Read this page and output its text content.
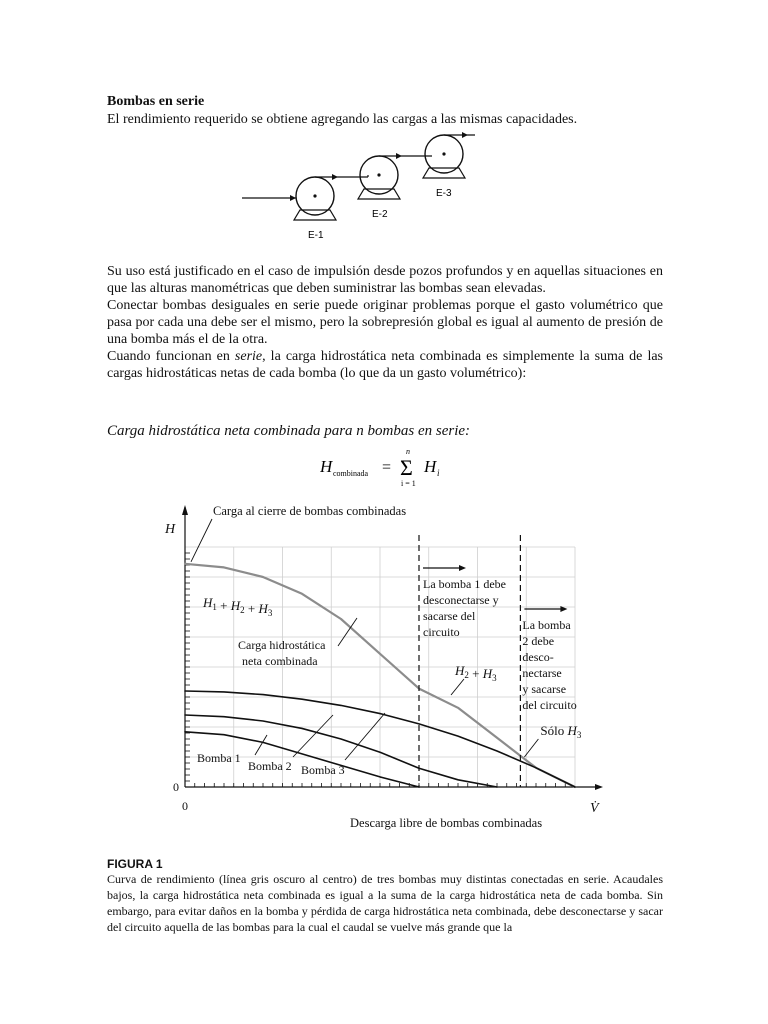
Bombas en serie
El rendimiento requerido se obtiene agregando las cargas a las mismas capacidades.
E-1
E-2
E-3
Su uso está justificado en el caso de impulsión desde pozos profundos y en aquellas situaciones en que las alturas manométricas que deben suministrar las bombas sean elevadas.
Conectar bombas desiguales en serie puede originar problemas porque el gasto volumétrico que pasa por cada una debe ser el mismo, pero la sobrepresión global es igual al aumento de presión de una bomba más el de la otra.
Cuando funcionan en serie, la carga hidrostática neta combinada es simplemente la suma de las cargas hidrostáticas netas de cada bomba (lo que da un gasto volumétrico):
Carga hidrostática neta combinada para n bombas en serie:
H combinada =
n
Σ
i = 1
H i
H
0
0	V̇
Descarga libre de bombas combinadas
Carga al cierre de bombas combinadas
$H_1 + H_2 + H_3$
Carga hidrostática
neta combinada
La bomba 1 debe
desconectarse y
sacarse del
circuito
$H_2 + H_3$
La bomba
2 debe
desco-
nectarse
y sacarse
del circuito
Sólo $H_3$
Bomba 1
Bomba 2 Bomba 3
FIGURA 1
Curva de rendimiento (línea gris oscuro al centro) de tres bombas muy distintas conectadas en serie. Acaudales bajos, la carga hidrostática neta combinada es igual a la suma de la carga hidrostática neta de cada bomba. Sin embargo, para evitar daños en la bomba y pérdida de carga hidrostática neta combinada, debe desconectarse y sacar del circuito aquella de las bombas para la cual el caudal se vuelve más grande que la
